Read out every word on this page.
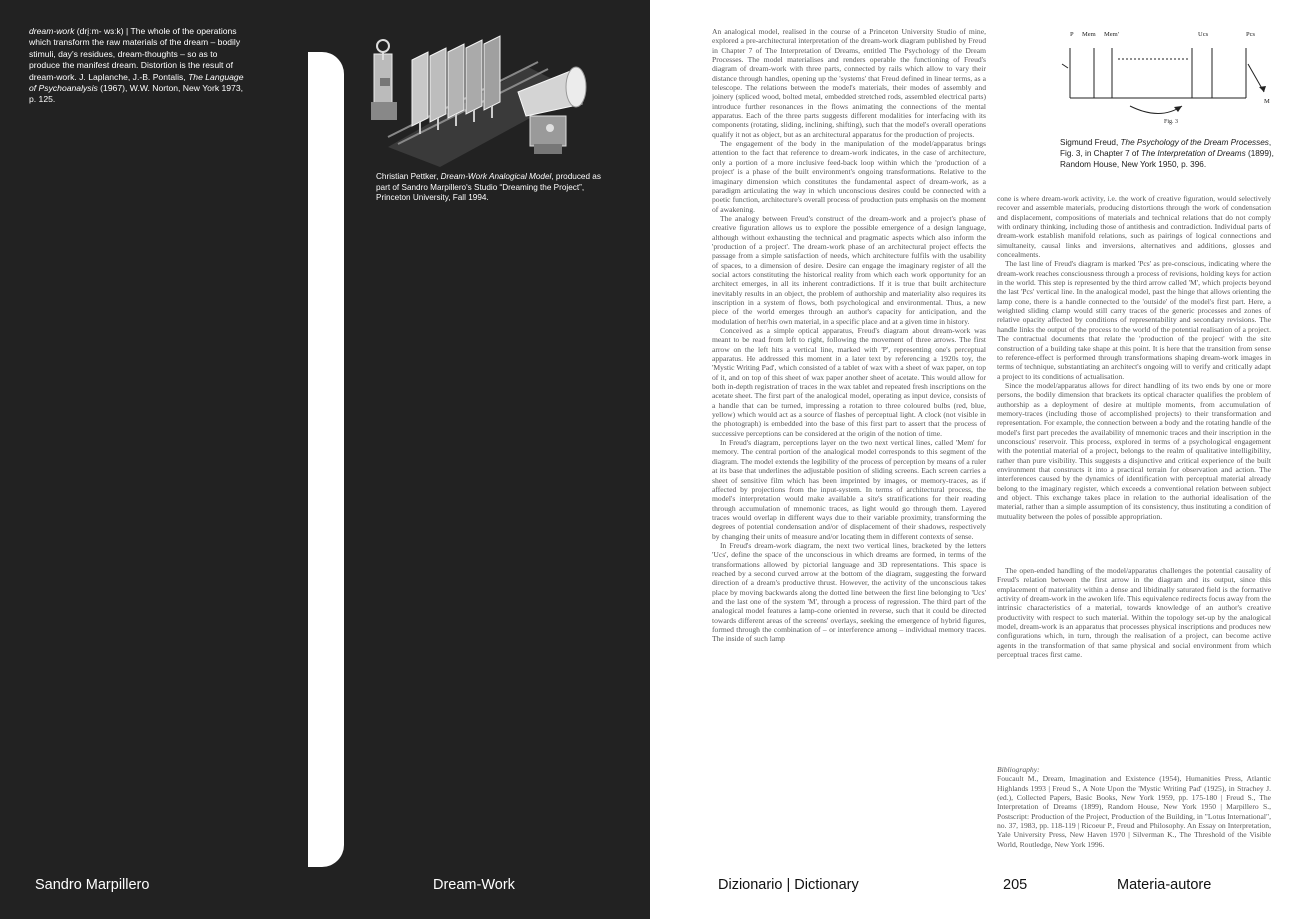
dream-work (drįːm- wɜːk) | The whole of the operations which transform the raw materials of the dream – bodily stimuli, day's residues, dream-thoughts – so as to produce the manifest dream. Distortion is the result of dream-work. J. Laplanche, J.-B. Pontalis, The Language of Psychoanalysis (1967), W.W. Norton, New York 1973, p. 125.

Christian Pettker, Dream-Work Analogical Model, produced as part of Sandro Marpillero's Studio “Dreaming the Project”, Princeton University, Fall 1994.

Sandro Marpillero	Dream-Work

An analogical model, realised in the course of a Princeton University Studio of mine, explored a pre-architectural interpretation of the dream-work diagram published by Freud in Chapter 7 of The Interpretation of Dreams, entitled The Psychology of the Dream Processes. The model materialises and renders operable the functioning of Freud's diagram of dream-work with three parts, connected by rails which allow to vary their distance through handles, opening up the 'systems' that Freud defined in linear terms, as a telescope. The relations between the model's materials, their modes of assembly and joinery (spliced wood, bolted metal, embedded stretched rods, assembled electrical parts) introduce further resonances in the flows animating the connections of the mental apparatus. Each of the three parts suggests different modalities for interfacing with its components (rotating, sliding, inclining, shifting), such that the model's overall operations qualify it not as object, but as an architectural apparatus for the production of projects.

The engagement of the body in the manipulation of the model/apparatus brings attention to the fact that reference to dream-work indicates, in the case of architecture, only a portion of a more inclusive feed-back loop within which the 'production of a project' is a phase of the built environment's ongoing transformations. Relative to the imaginary dimension which constitutes the fundamental aspect of dream-work, as a paradigm articulating the way in which unconscious desires could be connected with a poetic function, architecture's overall process of production puts emphasis on the moment of awakening.

The analogy between Freud's construct of the dream-work and a project's phase of creative figuration allows us to explore the possible emergence of a design language, although without exhausting the technical and pragmatic aspects which also inform the 'production of a project'. The dream-work phase of an architectural project effects the passage from a simple satisfaction of needs, which architecture fulfils with the usability of spaces, to a dimension of desire. Desire can engage the imaginary register of all the social actors constituting the historical reality from which each work opportunity for an architect emerges, in all its inherent contradictions. If it is true that built architecture inevitably results in an object, the problem of authorship and materiality also requires its inscription in a system of flows, both psychological and environmental. Thus, a new piece of the world emerges through an author's capacity for anticipation, and the modulation of her/his own material, in a specific place and at a given time in history.

Conceived as a simple optical apparatus, Freud's diagram about dream-work was meant to be read from left to right, following the movement of three arrows. The first arrow on the left hits a vertical line, marked with 'P', representing one's perceptual apparatus. He addressed this moment in a later text by referencing a 1920s toy, the 'Mystic Writing Pad', which consisted of a tablet of wax with a sheet of wax paper, on top of it, and on top of this sheet of wax paper another sheet of acetate. This would allow for both in-depth registration of traces in the wax tablet and repeated fresh inscriptions on the acetate sheet. The first part of the analogical model, operating as input device, consists of a handle that can be turned, impressing a rotation to three coloured bulbs (red, blue, yellow) which would act as a source of flashes of perceptual light. A clock (not visible in the photograph) is embedded into the base of this first part to assert that the process of successive perceptions can be considered at the origin of the notion of time.

In Freud's diagram, perceptions layer on the two next vertical lines, called 'Mem' for memory. The central portion of the analogical model corresponds to this segment of the diagram. The model extends the legibility of the process of perception by means of a ruler at its base that underlines the adjustable position of sliding screens. Each screen carries a sheet of sensitive film which has been imprinted by images, or memory-traces, as if affected by projections from the input-system. In terms of architectural process, the model's interpretation would make available a site's stratifications for their reading through accumulation of mnemonic traces, as light would go through them. Layered traces would overlap in different ways due to their variable proximity, transforming the degrees of potential condensation and/or of displacement of their shadows, respectively by changing their units of measure and/or locating them in different contexts of sense.

In Freud's dream-work diagram, the next two vertical lines, bracketed by the letters 'Ucs', define the space of the unconscious in which dreams are formed, in terms of the transformations allowed by pictorial language and 3D representations. This space is reached by a second curved arrow at the bottom of the diagram, suggesting the forward direction of a dream's productive thrust. However, the activity of the unconscious takes place by moving backwards along the dotted line between the first line belonging to 'Ucs' and the last one of the system 'M', through a process of regression. The third part of the analogical model features a lamp-cone oriented in reverse, such that it could be directed towards different areas of the screens' overlays, seeking the emergence of hybrid figures, formed through the combination of – or interference among – individual memory traces. The inside of such lamp

P Mem Mem'	Ucs	Pcs
M
Fig. 3

Sigmund Freud, The Psychology of the Dream Processes, Fig. 3, in Chapter 7 of The Interpretation of Dreams (1899), Random House, New York 1950, p. 396.

cone is where dream-work activity, i.e. the work of creative figuration, would selectively recover and assemble materials, producing distortions through the work of condensation and displacement, compositions of materials and technical relations that do not comply with ordinary thinking, including those of antithesis and contradiction. Individual parts of dream-work establish manifold relations, such as pairings of logical connections and simultaneity, causal links and inversions, alternatives and additions, glosses and concealments.

The last line of Freud's diagram is marked 'Pcs' as pre-conscious, indicating where the dream-work reaches consciousness through a process of revisions, holding keys for action in the world. This step is represented by the third arrow called 'M', which projects beyond the last 'Pcs' vertical line. In the analogical model, past the hinge that allows orienting the lamp cone, there is a handle connected to the 'outside' of the model's first part. Here, a weighted sliding clamp would still carry traces of the generic processes and zones of relative opacity affected by conditions of representability and secondary revisions. The handle links the output of the process to the world of the potential realisation of a project. The contractual documents that relate the 'production of the project' with the site construction of a building take shape at this point. It is here that the transition from sense to reference-effect is performed through transformations shaping dream-work images in terms of technique, substantiating an architect's ongoing will to verify and critically adapt a project to its conditions of actualisation.

Since the model/apparatus allows for direct handling of its two ends by one or more persons, the bodily dimension that brackets its optical character qualifies the problem of authorship as a deployment of desire at multiple moments, from accumulation of memory-traces (including those of accomplished projects) to their transformation and representation. For example, the connection between a body and the rotating handle of the model's first part precedes the availability of mnemonic traces and their inscription in the unconscious' reservoir. This process, explored in terms of a psychological engagement with the potential material of a project, belongs to the realm of qualitative intelligibility, rather than pure visibility. This suggests a disjunctive and critical experience of the built environment that constructs it into a practical terrain for observation and action. The interferences caused by the dynamics of identification with perceptual material already belong to the imaginary register, which exceeds a conventional relation between subject and object. This exchange takes place in relation to the authorial idealisation of the material, rather than a simple assumption of its consistency, thus instituting a condition of mutuality between the poles of possible appropriation.

The open-ended handling of the model/apparatus challenges the potential causality of Freud's relation between the first arrow in the diagram and its output, since this emplacement of materiality within a dense and libidinally saturated field is the formative activity of dream-work in the awoken life. This equivalence redirects focus away from the intrinsic characteristics of a material, towards knowledge of an author's creative productivity with respect to such material. Within the topology set-up by the analogical model, dream-work is an apparatus that processes physical inscriptions and produces new configurations which, in turn, through the realisation of a project, can become active agents in the transformation of that same physical and social environment from which perceptual traces first came.

Bibliography:

Foucault M., Dream, Imagination and Existence (1954), Humanities Press, Atlantic Highlands 1993 | Freud S., A Note Upon the 'Mystic Writing Pad' (1925), in Strachey J. (ed.), Collected Papers, Basic Books, New York 1959, pp. 175-180 | Freud S., The Interpretation of Dreams (1899), Random House, New York 1950 | Marpillero S., Postscript: Production of the Project, Production of the Building, in "Lotus International", no. 37, 1983, pp. 118-119 | Ricoeur P., Freud and Philosophy. An Essay on Interpretation, Yale University Press, New Haven 1970 | Silverman K., The Threshold of the Visible World, Routledge, New York 1996.

Dizionario | Dictionary	205	Materia-autore
